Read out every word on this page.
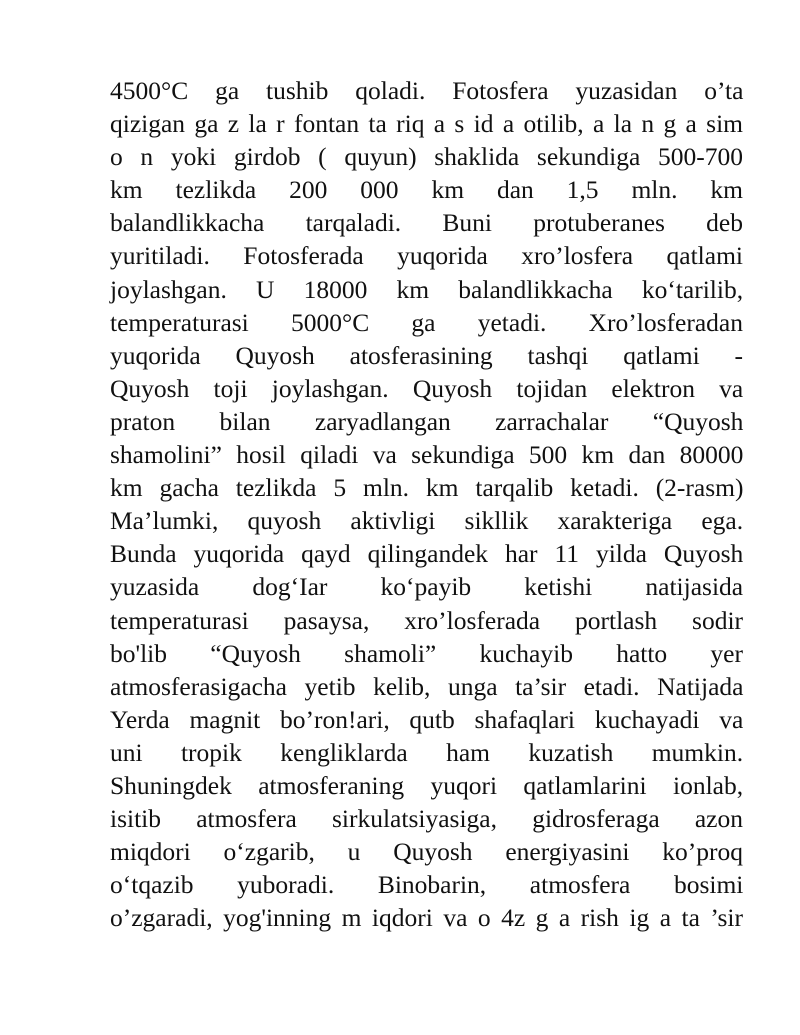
4500°C ga tushib qoladi. Fotosfera yuzasidan o’ta
qizigan ga z la r fontan ta riq a s id a otilib, a la n g a sim
o n yoki girdob ( quyun) shaklida sekundiga 500-700
km tezlikda 200 000 km dan 1,5 mln. km
balandlikkacha tarqaladi. Buni protuberanes deb
yuritiladi. Fotosferada yuqorida xro’losfera qatlami
joylashgan. U 18000 km balandlikkacha ko‘tarilib,
temperaturasi 5000°C ga yetadi. Xro’losferadan
yuqorida Quyosh atosferasining tashqi qatlami -
Quyosh toji joylashgan. Quyosh tojidan elektron va
praton bilan zaryadlangan zarrachalar “Quyosh
shamolini” hosil qiladi va sekundiga 500 km dan 80000
km gacha tezlikda 5 mln. km tarqalib ketadi. (2-rasm)
Ma’lumki, quyosh aktivligi sikllik xarakteriga ega.
Bunda yuqorida qayd qilingandek har 11 yilda Quyosh
yuzasida dog‘Iar ko‘payib ketishi natijasida
temperaturasi pasaysa, xro’losferada portlash sodir
bo'lib “Quyosh shamoli” kuchayib hatto yer
atmosferasigacha yetib kelib, unga ta’sir etadi. Natijada
Yerda magnit bo’ron!ari, qutb shafaqlari kuchayadi va
uni tropik kengliklarda ham kuzatish mumkin.
Shuningdek atmosferaning yuqori qatlamlarini ionlab,
isitib atmosfera sirkulatsiyasiga, gidrosferaga azon
miqdori o‘zgarib, u Quyosh energiyasini ko’proq
o‘tqazib yuboradi. Binobarin, atmosfera bosimi
o’zgaradi, yog'inning m iqdori va o 4z g a rish ig a ta ’sir
